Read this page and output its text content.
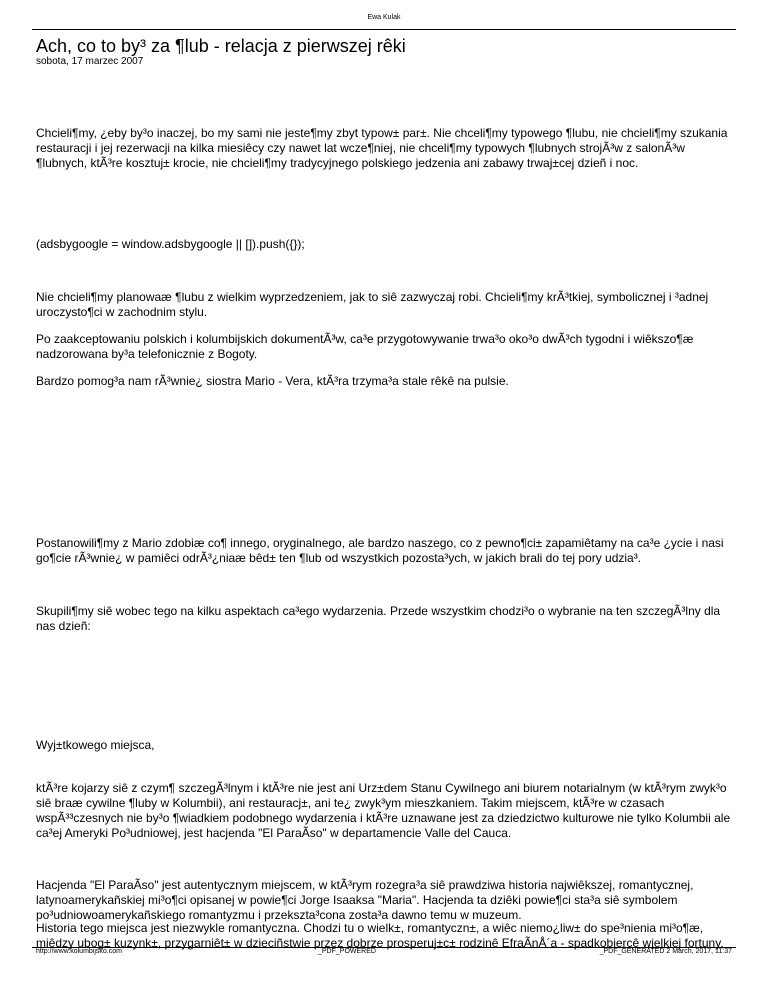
Ewa Kulak
Ach, co to by³ za ¶lub - relacja z pierwszej rêki
sobota, 17 marzec 2007

Chcieli¶my, ¿eby by³o inaczej, bo my sami nie jeste¶my zbyt typow± par±. Nie chceli¶my typowego ¶lubu, nie chcieli¶my szukania restauracji i jej rezerwacji na kilka miesiêcy czy nawet lat wcze¶niej, nie chceli¶my typowych ¶lubnych strojÃ³w z salonÃ³w ¶lubnych, ktÃ³re kosztuj± krocie, nie chcieli¶my tradycyjnego polskiego jedzenia ani zabawy trwaj±cej dzieñ i noc.

(adsbygoogle = window.adsbygoogle || []).push({});

Nie chcieli¶my planowaæ ¶lubu z wielkim wyprzedzeniem, jak to siê zazwyczaj robi. Chcieli¶my krÃ³tkiej, symbolicznej i ³adnej uroczysto¶ci w zachodnim stylu.

Po zaakceptowaniu polskich i kolumbijskich dokumentÃ³w, ca³e przygotowywanie trwa³o oko³o dwÃ³ch tygodni i wiêkszo¶æ nadzorowana by³a telefonicznie z Bogoty.

Bardzo pomog³a nam rÃ³wnie¿ siostra Mario - Vera, ktÃ³ra trzyma³a stale rêkê na pulsie.

Postanowili¶my z Mario zdobiæ co¶ innego, oryginalnego, ale bardzo naszego, co z pewno¶ci± zapamiêtamy na ca³e ¿ycie i nasi go¶cie rÃ³wnie¿ w pamiêci odrÃ³¿niaæ bêd± ten ¶lub od wszystkich pozosta³ych, w jakich brali do tej pory udzia³.

Skupili¶my siê wobec tego na kilku aspektach ca³ego wydarzenia. Przede wszystkim chodzi³o o wybranie na ten szczegÃ³lny dla nas dzieñ:

Wyj±tkowego miejsca,

ktÃ³re kojarzy siê z czym¶ szczegÃ³lnym i ktÃ³re nie jest ani Urz±dem Stanu Cywilnego ani biurem notarialnym (w ktÃ³rym zwyk³o siê braæ cywilne ¶luby w Kolumbii), ani restauracj±, ani te¿ zwyk³ym mieszkaniem. Takim miejscem, ktÃ³re w czasach wspÃ³³czesnych nie by³o ¶wiadkiem podobnego wydarzenia i ktÃ³re uznawane jest za dziedzictwo kulturowe nie tylko Kolumbii ale ca³ej Ameryki Po³udniowej, jest hacjenda "El ParaÃso" w departamencie Valle del Cauca.

Hacjenda "El ParaÃso" jest autentycznym miejscem, w ktÃ³rym rozegra³a siê prawdziwa historia najwiêkszej, romantycznej, latynoamerykañskiej mi³o¶ci opisanej w powie¶ci Jorge Isaaksa "Maria". Hacjenda ta dziêki powie¶ci sta³a siê symbolem po³udniowoamerykañskiego romantyzmu i przekszta³cona zosta³a dawno temu w muzeum.

Historia tego miejsca jest niezwykle romantyczna. Chodzi tu o wielk±, romantyczn±, a wiêc niemo¿liw± do spe³nienia mi³o¶æ, miêdzy ubog± kuzynk±, przygarniêt± w dzieciñstwie przez dobrze prosperuj±c± rodzinê EfraÃnÅ´a - spadkobiercê wielkiej fortuny,

http://www.kolumbijsko.com	_PDF_POWERED	_PDF_GENERATED 2 March, 2017, 11:37
